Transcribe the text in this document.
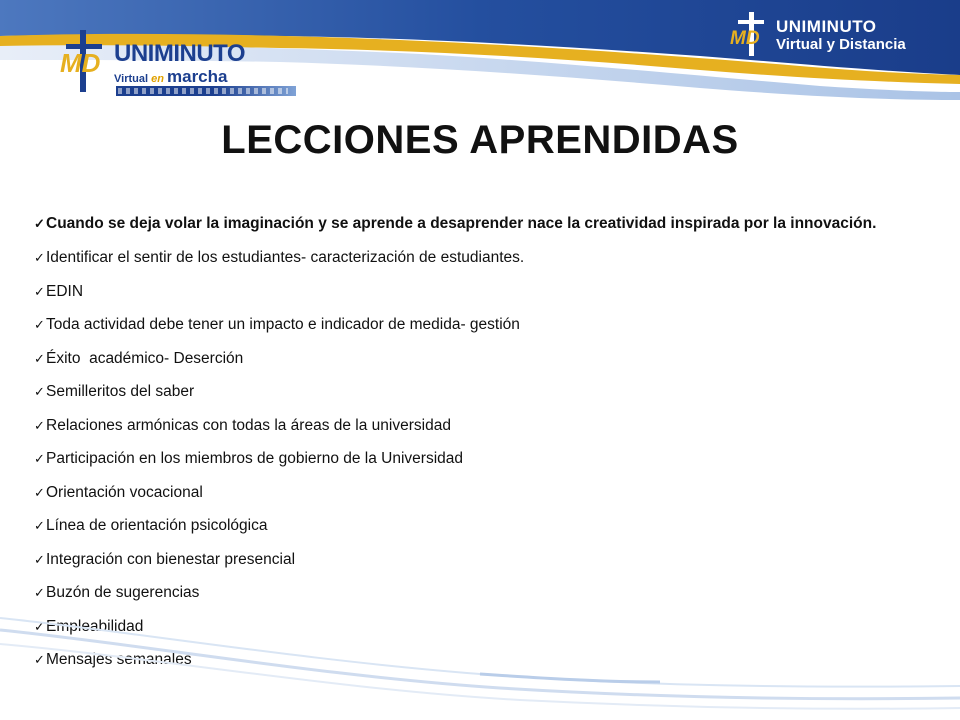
MD UNIMINUTO
Virtual en marcha
MD
UNIMINUTO
Virtual y Distancia
LECCIONES APRENDIDAS
✓ Cuando se deja volar la imaginación y se aprende a desaprender nace la creatividad inspirada por la innovación.
✓ Identificar el sentir de los estudiantes- caracterización de estudiantes.
✓ EDIN
✓ Toda actividad debe tener un impacto e indicador de medida- gestión
✓ Éxito  académico- Deserción
✓ Semilleritos del saber
✓ Relaciones armónicas con todas la áreas de la universidad
✓ Participación en los miembros de gobierno de la Universidad
✓ Orientación vocacional
✓ Línea de orientación psicológica
✓ Integración con bienestar presencial
✓ Buzón de sugerencias
✓ Empleabilidad
✓ Mensajes semanales
